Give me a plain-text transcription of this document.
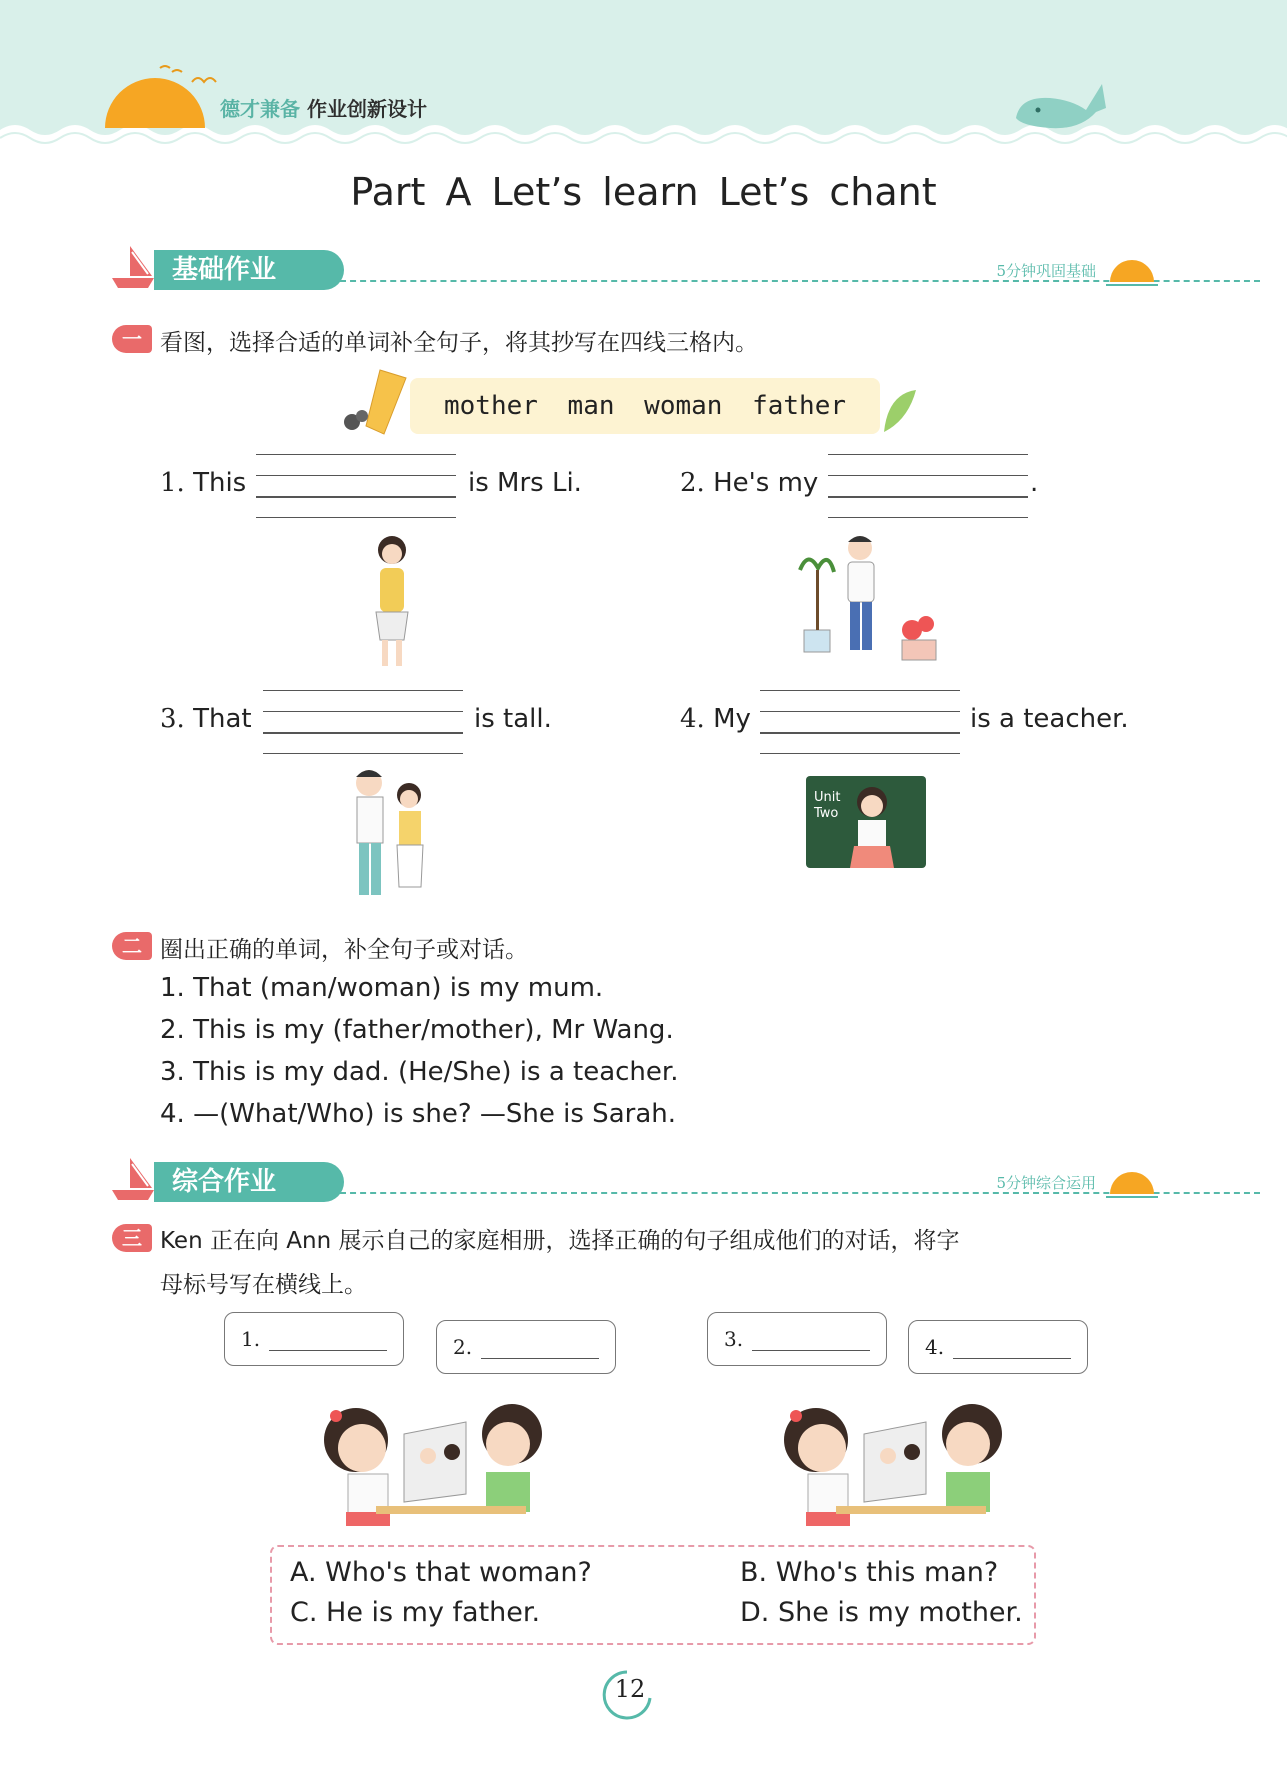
德才兼备 作业创新设计
Part A Let’s learn Let’s chant
基础作业	5分钟巩固基础
一 看图，选择合适的单词补全句子，将其抄写在四线三格内。
mother man woman father
1. This	is Mrs Li.	2. He's my	.
3. That	is tall.	4. My	is a teacher.
Unit Two
二 圈出正确的单词，补全句子或对话。
1. That (man/woman) is my mum.
2. This is my (father/mother), Mr Wang.
3. This is my dad. (He/She) is a teacher.
4. —(What/Who) is she? —She is Sarah.
综合作业	5分钟综合运用
三 Ken 正在向 Ann 展示自己的家庭相册，选择正确的句子组成他们的对话，将字
母标号写在横线上。
1.	2.	3.	4.
A. Who's that woman?	B. Who's this man?
C. He is my father.	D. She is my mother.
12
